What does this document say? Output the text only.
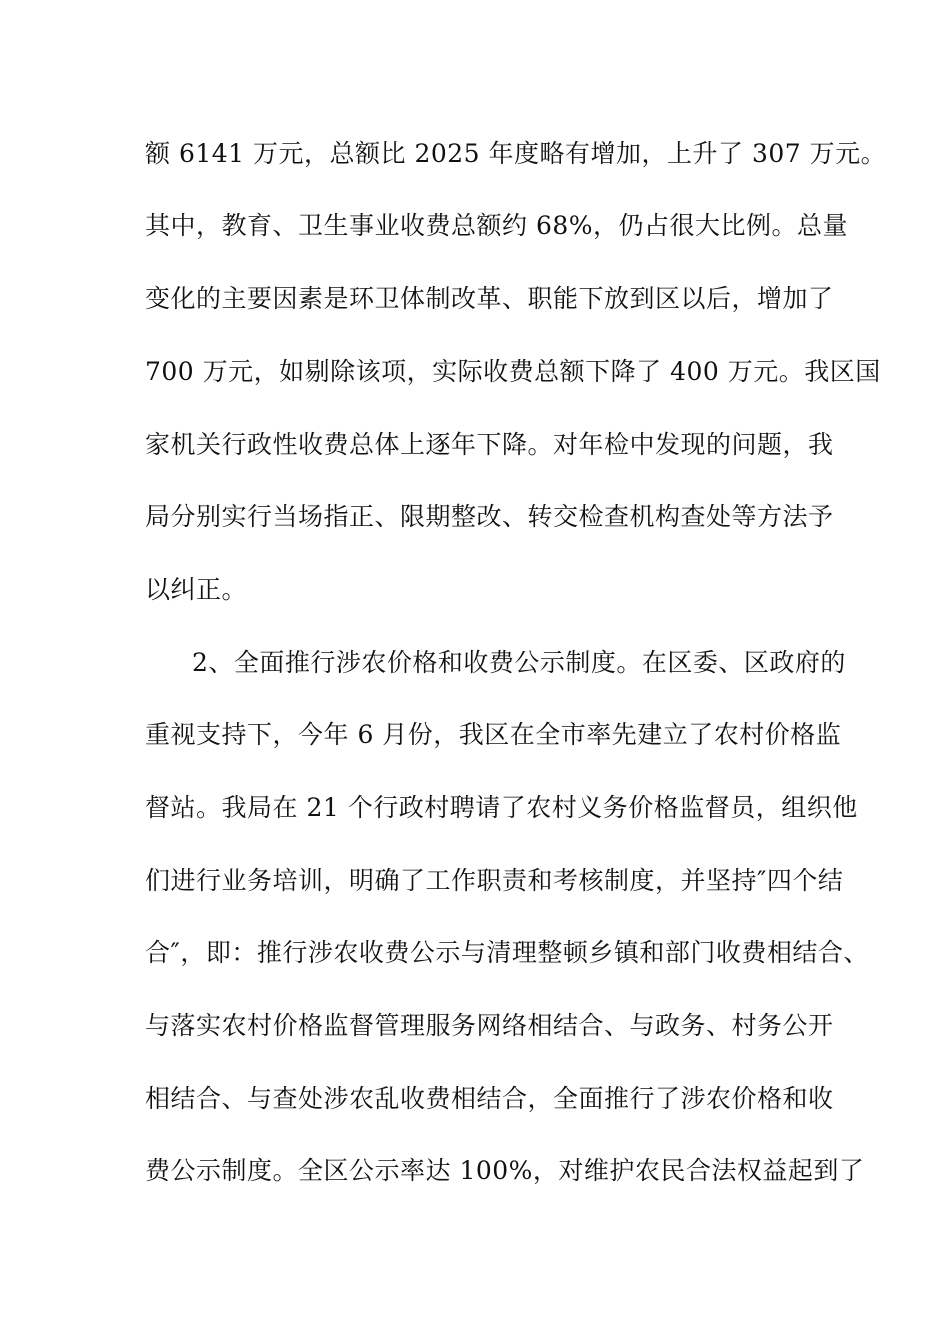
额 6141 万元，总额比 2025 年度略有增加，上升了 307 万元。
其中，教育、卫生事业收费总额约 68%，仍占很大比例。总量
变化的主要因素是环卫体制改革、职能下放到区以后，增加了
700 万元，如剔除该项，实际收费总额下降了 400 万元。我区国
家机关行政性收费总体上逐年下降。对年检中发现的问题，我
局分别实行当场指正、限期整改、转交检查机构查处等方法予
以纠正。
2、全面推行涉农价格和收费公示制度。在区委、区政府的
重视支持下，今年 6 月份，我区在全市率先建立了农村价格监
督站。我局在 21 个行政村聘请了农村义务价格监督员，组织他
们进行业务培训，明确了工作职责和考核制度，并坚持″四个结
合″，即：推行涉农收费公示与清理整顿乡镇和部门收费相结合、
与落实农村价格监督管理服务网络相结合、与政务、村务公开
相结合、与查处涉农乱收费相结合，全面推行了涉农价格和收
费公示制度。全区公示率达 100%，对维护农民合法权益起到了
